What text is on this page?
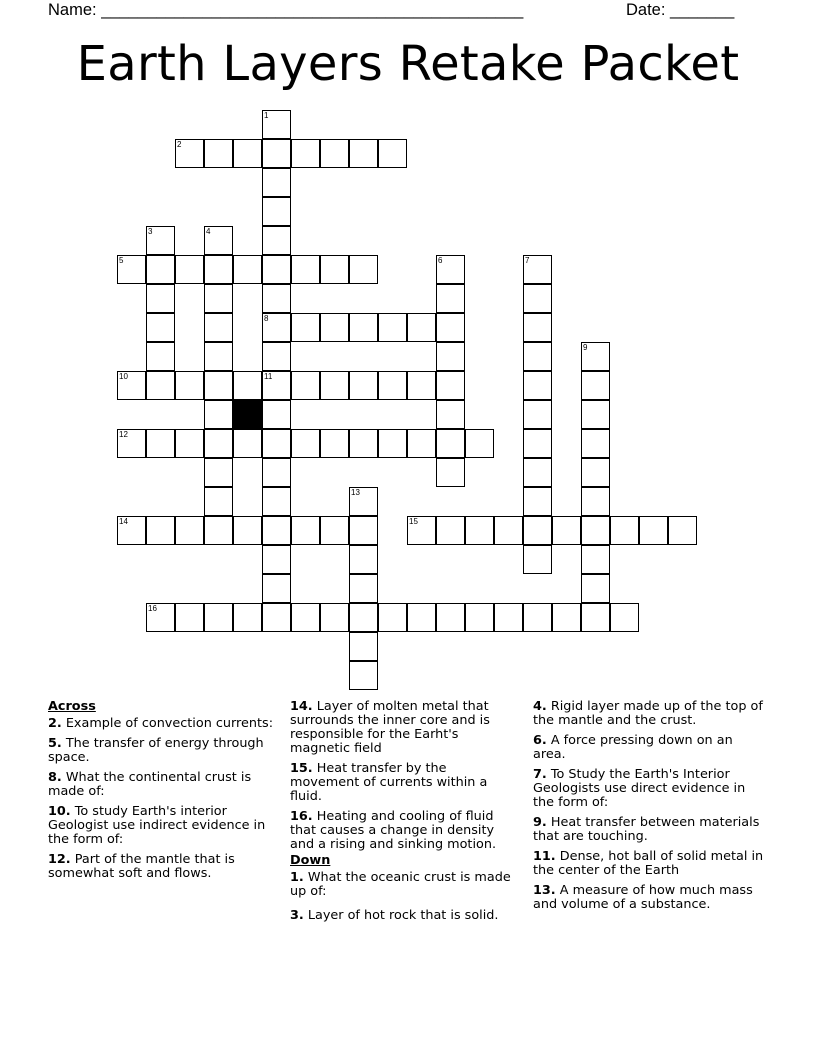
Name: ______________________________________________	Date: _______
Earth Layers Retake Packet
2
5
8
10	11
12
14	15
16
1
3	4
6	7
9
13
Across
2. Example of convection currents:
5. The transfer of energy through space.
8. What the continental crust is made of:
10. To study Earth's interior Geologist use indirect evidence in the form of:
12. Part of the mantle that is somewhat soft and flows.
14. Layer of molten metal that surrounds the inner core and is responsible for the Earht's magnetic field
15. Heat transfer by the movement of currents within a fluid.
16. Heating and cooling of fluid that causes a change in density and a rising and sinking motion.
Down
1. What the oceanic crust is made up of:
3. Layer of hot rock that is solid.
4. Rigid layer made up of the top of the mantle and the crust.
6. A force pressing down on an area.
7. To Study the Earth's Interior Geologists use direct evidence in the form of:
9. Heat transfer between materials that are touching.
11. Dense, hot ball of solid metal in the center of the Earth
13. A measure of how much mass and volume of a substance.
